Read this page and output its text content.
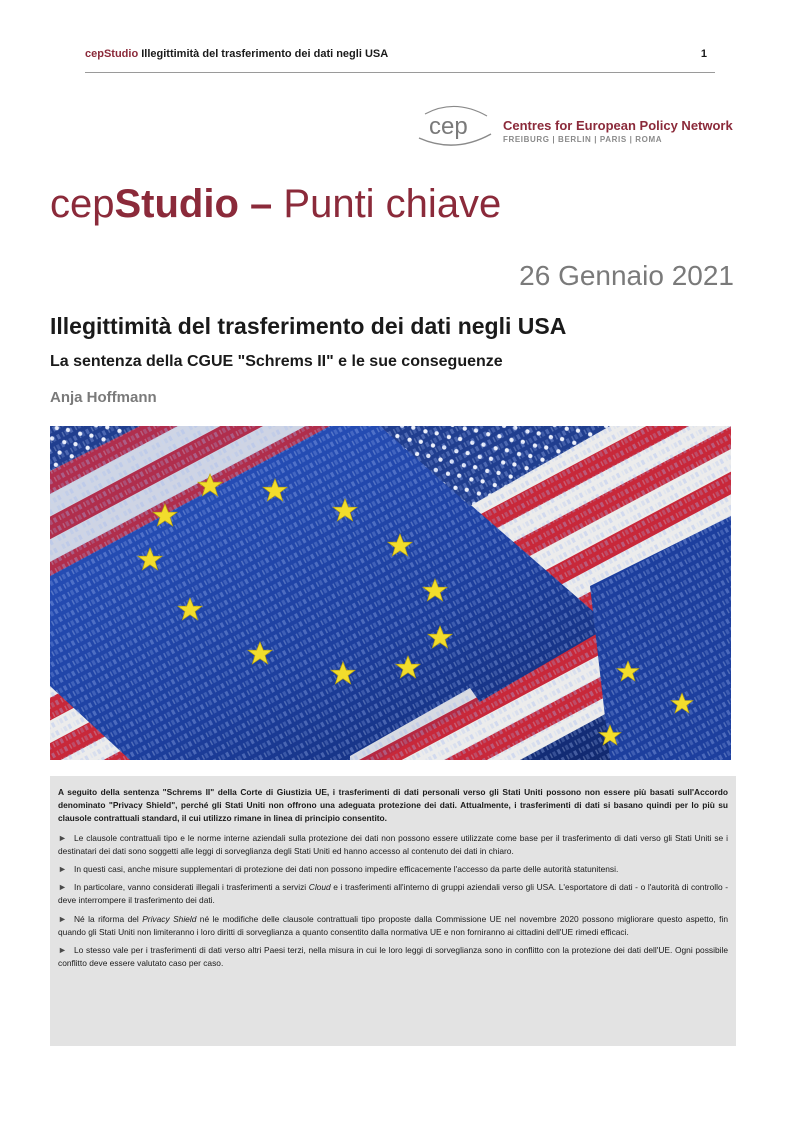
cepStudio Illegittimità del trasferimento dei dati negli USA	1
cep	Centres for European Policy Network
FREIBURG | BERLIN | PARIS | ROMA
cepStudio – Punti chiave
26 Gennaio 2021
Illegittimità del trasferimento dei dati negli USA
La sentenza della CGUE "Schrems II" e le sue conseguenze
Anja Hoffmann

A seguito della sentenza "Schrems II" della Corte di Giustizia UE, i trasferimenti di dati personali verso gli Stati Uniti possono non essere più basati sull'Accordo denominato "Privacy Shield", perché gli Stati Uniti non offrono una adeguata protezione dei dati. Attualmente, i trasferimenti di dati si basano quindi per lo più su clausole contrattuali standard, il cui utilizzo rimane in linea di principio consentito.

► Le clausole contrattuali tipo e le norme interne aziendali sulla protezione dei dati non possono essere utilizzate come base per il trasferimento di dati verso gli Stati Uniti se i destinatari dei dati sono soggetti alle leggi di sorveglianza degli Stati Uniti ed hanno accesso al contenuto dei dati in chiaro.

► In questi casi, anche misure supplementari di protezione dei dati non possono impedire efficacemente l'accesso da parte delle autorità statunitensi.

► In particolare, vanno considerati illegali i trasferimenti a servizi Cloud e i trasferimenti all'interno di gruppi aziendali verso gli USA. L'esportatore di dati - o l'autorità di controllo - deve interrompere il trasferimento dei dati.

► Né la riforma del Privacy Shield né le modifiche delle clausole contrattuali tipo proposte dalla Commissione UE nel novembre 2020 possono migliorare questo aspetto, fin quando gli Stati Uniti non limiteranno i loro diritti di sorveglianza a quanto consentito dalla normativa UE e non forniranno ai cittadini dell'UE rimedi efficaci.

► Lo stesso vale per i trasferimenti di dati verso altri Paesi terzi, nella misura in cui le loro leggi di sorveglianza sono in conflitto con la protezione dei dati dell'UE. Ogni possibile conflitto deve essere valutato caso per caso.
